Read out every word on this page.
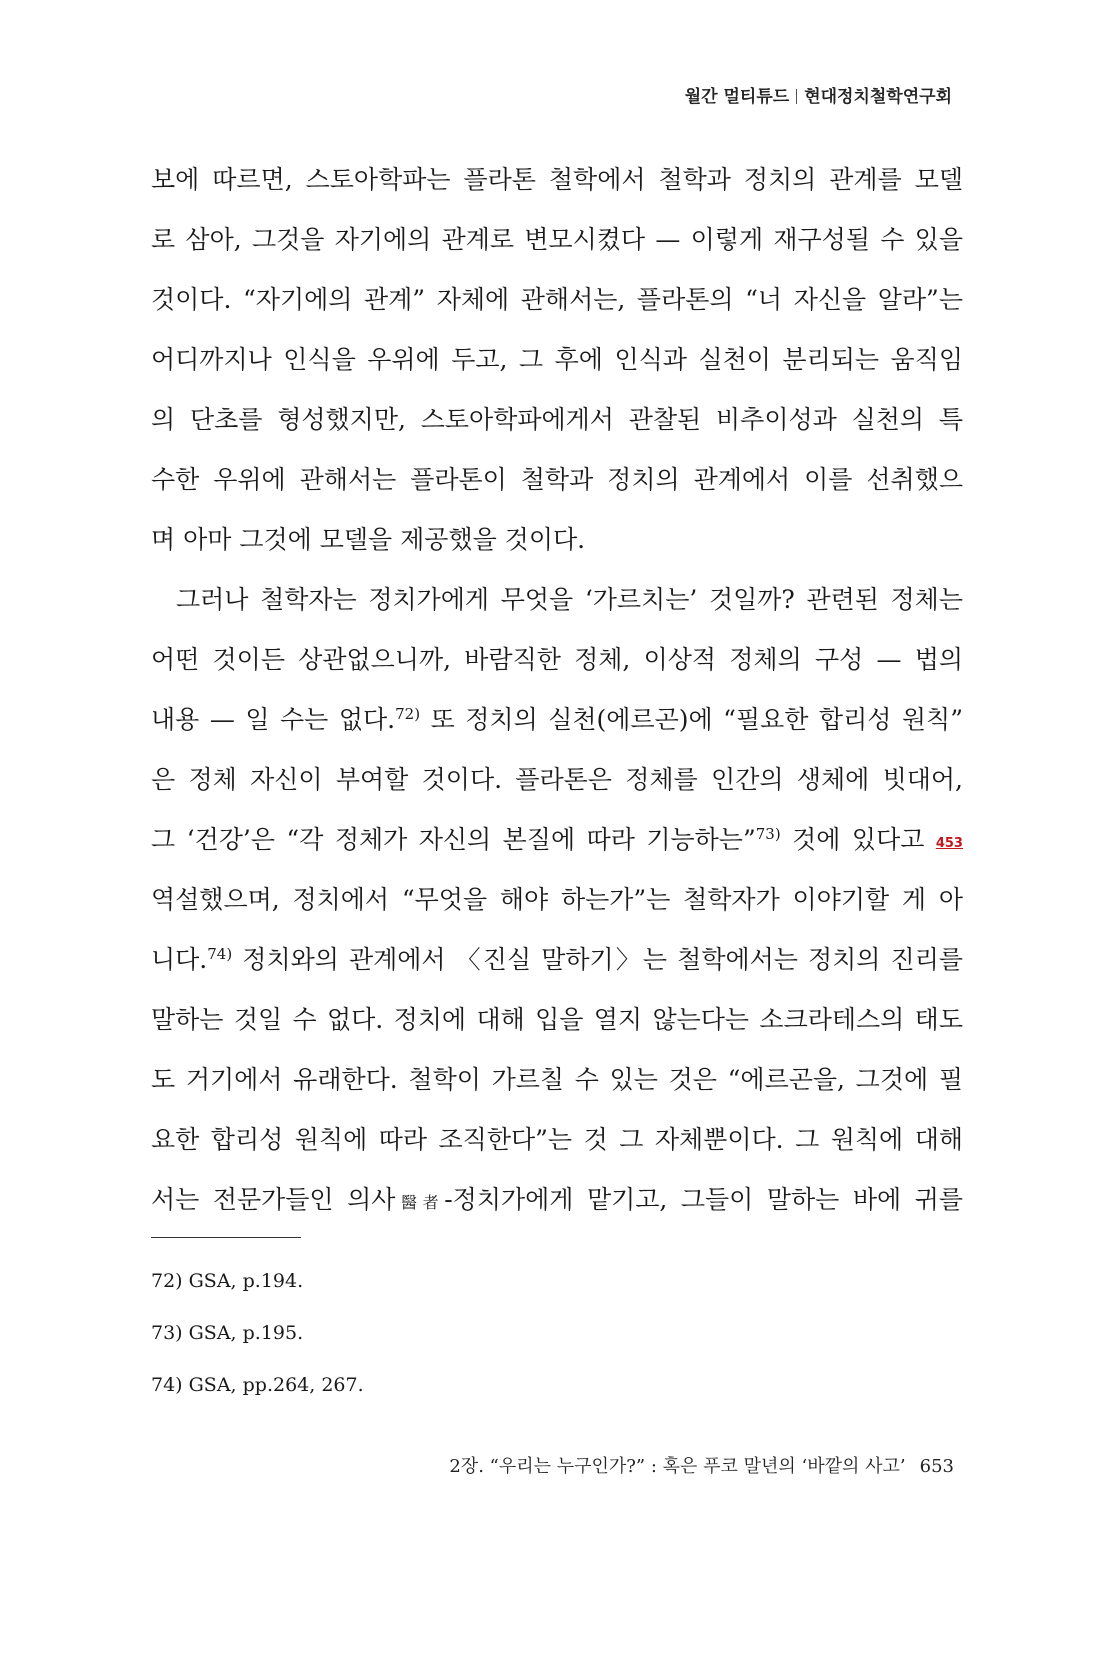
월간 멀티튜드 현대정치철학연구회
보에 따르면, 스토아학파는 플라톤 철학에서 철학과 정치의 관계를 모델
로 삼아, 그것을 자기에의 관계로 변모시켰다 — 이렇게 재구성될 수 있을
것이다. “자기에의 관계” 자체에 관해서는, 플라톤의 “너 자신을 알라”는
어디까지나 인식을 우위에 두고, 그 후에 인식과 실천이 분리되는 움직임
의 단초를 형성했지만, 스토아학파에게서 관찰된 비추이성과 실천의 특
수한 우위에 관해서는 플라톤이 철학과 정치의 관계에서 이를 선취했으
며 아마 그것에 모델을 제공했을 것이다.
그러나 철학자는 정치가에게 무엇을 ‘가르치는’ 것일까? 관련된 정체는
어떤 것이든 상관없으니까, 바람직한 정체, 이상적 정체의 구성 — 법의
내용 — 일 수는 없다.$^{72)}$ 또 정치의 실천(에르곤)에 “필요한 합리성 원칙”
은 정체 자신이 부여할 것이다. 플라톤은 정체를 인간의 생체에 빗대어,
그 ‘건강’은 “각 정체가 자신의 본질에 따라 기능하는”$^{73)}$ 것에 있다고 453
역설했으며, 정치에서 “무엇을 해야 하는가”는 철학자가 이야기할 게 아
니다.$^{74)}$ 정치와의 관계에서 〈진실 말하기〉는 철학에서는 정치의 진리를
말하는 것일 수 없다. 정치에 대해 입을 열지 않는다는 소크라테스의 태도
도 거기에서 유래한다. 철학이 가르칠 수 있는 것은 “에르곤을, 그것에 필
요한 합리성 원칙에 따라 조직한다”는 것 그 자체뿐이다. 그 원칙에 대해
서는 전문가들인 의사醫者-정치가에게 맡기고, 그들이 말하는 바에 귀를
72) GSA, p.194.
73) GSA, p.195.
74) GSA, pp.264, 267.
2장. “우리는 누구인가?” : 혹은 푸코 말년의 ‘바깥의 사고’ 653
